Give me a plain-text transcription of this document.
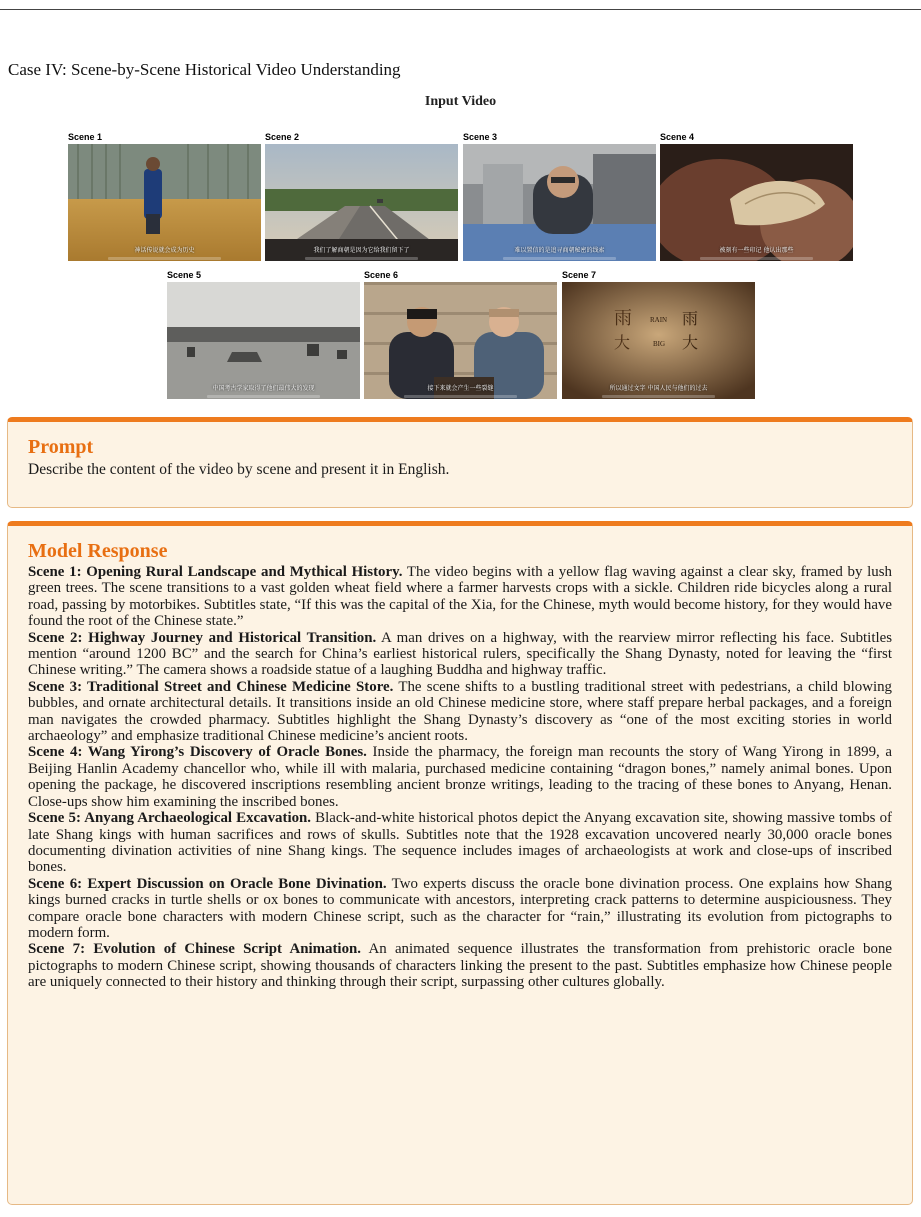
Case IV: Scene-by-Scene Historical Video Understanding
Input Video
Scene 1
神话传说就会成为历史
Scene 2
我们了解商朝是因为它给我们留下了
Scene 3
难以置信的是追寻商朝秘密的线索
Scene 4
被刻有一些印记 他认出那些
Scene 5
中国考古学家取得了他们最伟大的发现
Scene 6
接下来就会产生一些裂缝
Scene 7
雨
大
雨
大
RAIN
BIG
所以通过文字 中国人民与他们的过去
Prompt
Describe the content of the video by scene and present it in English.
Model Response

Scene 1: Opening Rural Landscape and Mythical History. The video begins with a yellow flag waving against a clear sky, framed by lush green trees. The scene transitions to a vast golden wheat field where a farmer harvests crops with a sickle. Children ride bicycles along a rural road, passing by motorbikes. Subtitles state, “If this was the capital of the Xia, for the Chinese, myth would become history, for they would have found the root of the Chinese state.”

Scene 2: Highway Journey and Historical Transition. A man drives on a highway, with the rearview mirror reflecting his face. Subtitles mention “around 1200 BC” and the search for China’s earliest historical rulers, specifically the Shang Dynasty, noted for leaving the “first Chinese writing.” The camera shows a roadside statue of a laughing Buddha and highway traffic.

Scene 3: Traditional Street and Chinese Medicine Store. The scene shifts to a bustling traditional street with pedestrians, a child blowing bubbles, and ornate architectural details. It transitions inside an old Chinese medicine store, where staff prepare herbal packages, and a foreign man navigates the crowded pharmacy. Subtitles highlight the Shang Dynasty’s discovery as “one of the most exciting stories in world archaeology” and emphasize traditional Chinese medicine’s ancient roots.

Scene 4: Wang Yirong’s Discovery of Oracle Bones. Inside the pharmacy, the foreign man recounts the story of Wang Yirong in 1899, a Beijing Hanlin Academy chancellor who, while ill with malaria, purchased medicine containing “dragon bones,” namely animal bones. Upon opening the package, he discovered inscriptions resembling ancient bronze writings, leading to the tracing of these bones to Anyang, Henan. Close-ups show him examining the inscribed bones.

Scene 5: Anyang Archaeological Excavation. Black-and-white historical photos depict the Anyang excavation site, showing massive tombs of late Shang kings with human sacrifices and rows of skulls. Subtitles note that the 1928 excavation uncovered nearly 30,000 oracle bones documenting divination activities of nine Shang kings. The sequence includes images of archaeologists at work and close-ups of inscribed bones.

Scene 6: Expert Discussion on Oracle Bone Divination. Two experts discuss the oracle bone divination process. One explains how Shang kings burned cracks in turtle shells or ox bones to communicate with ancestors, interpreting crack patterns to determine auspiciousness. They compare oracle bone characters with modern Chinese script, such as the character for “rain,” illustrating its evolution from pictographs to modern form.

Scene 7: Evolution of Chinese Script Animation. An animated sequence illustrates the transformation from prehistoric oracle bone pictographs to modern Chinese script, showing thousands of characters linking the present to the past. Subtitles emphasize how Chinese people are uniquely connected to their history and thinking through their script, surpassing other cultures globally.
